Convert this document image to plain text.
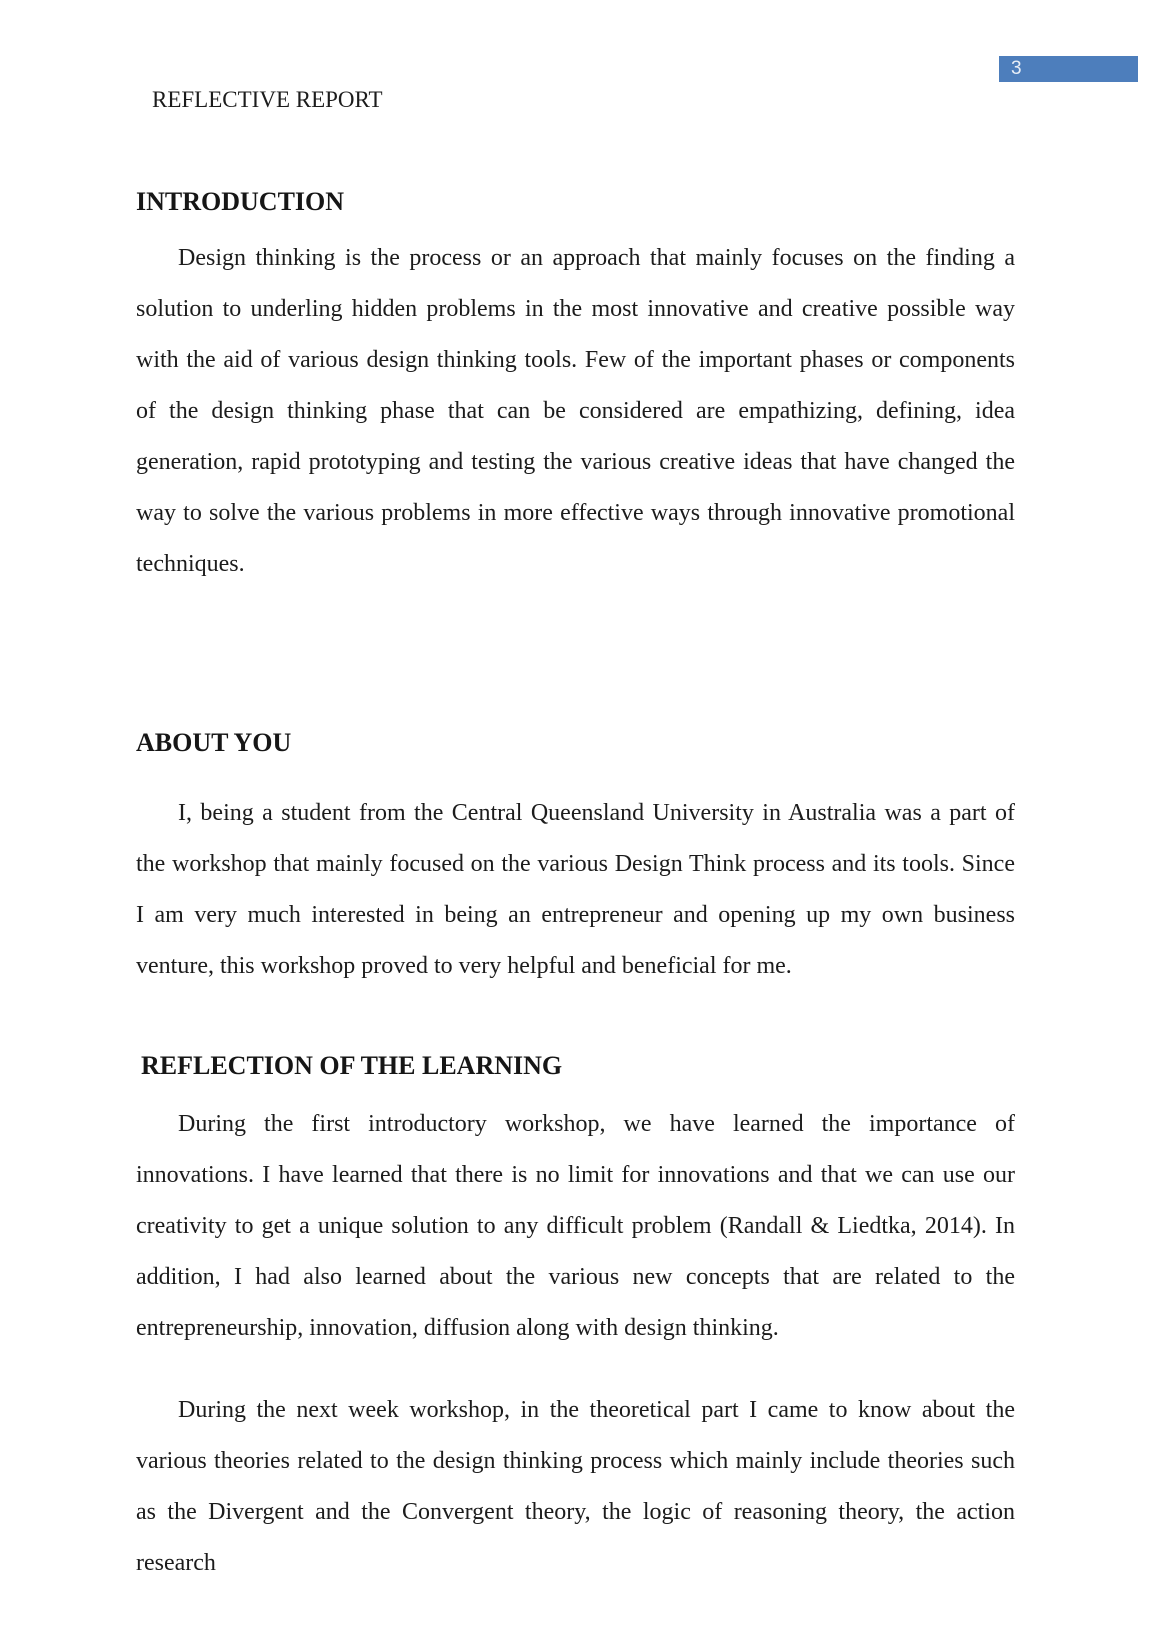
3
REFLECTIVE REPORT
INTRODUCTION

Design thinking is the process or an approach that mainly focuses on the finding a solution to underling hidden problems in the most innovative and creative possible way with the aid of various design thinking tools. Few of the important phases or components of the design thinking phase that can be considered are empathizing, defining, idea generation, rapid prototyping and testing the various creative ideas that have changed the way to solve the various problems in more effective ways through innovative promotional techniques.

ABOUT YOU

I, being a student from the Central Queensland University in Australia was a part of the workshop that mainly focused on the various Design Think process and its tools. Since I am very much interested in being an entrepreneur and opening up my own business venture, this workshop proved to very helpful and beneficial for me.

REFLECTION OF THE LEARNING

During the first introductory workshop, we have learned the importance of innovations. I have learned that there is no limit for innovations and that we can use our creativity to get a unique solution to any difficult problem (Randall & Liedtka, 2014). In addition, I had also learned about the various new concepts that are related to the entrepreneurship, innovation, diffusion along with design thinking.

During the next week workshop, in the theoretical part I came to know about the various theories related to the design thinking process which mainly include theories such as the Divergent and the Convergent theory, the logic of reasoning theory, the action research
